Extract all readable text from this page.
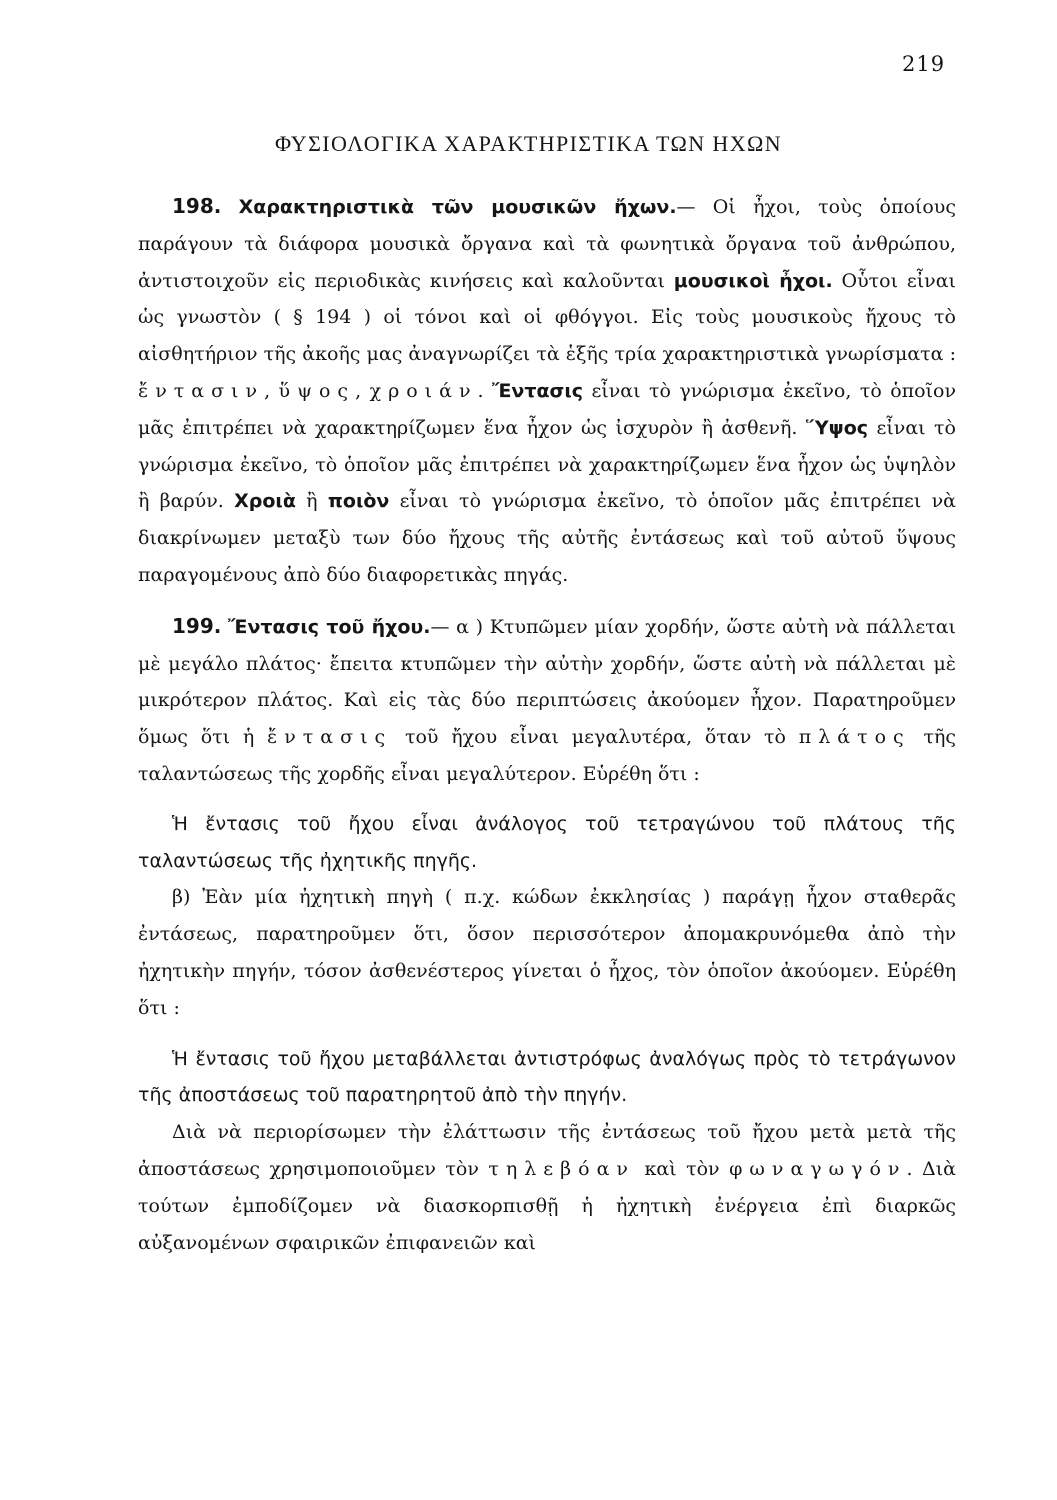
219
ΦΥΣΙΟΛΟΓΙΚΑ ΧΑΡΑΚΤΗΡΙΣΤΙΚΑ ΤΩΝ ΗΧΩΝ

198. Χαρακτηριστικὰ τῶν μουσικῶν ἤχων.— Οἱ ἦχοι, τοὺς ὁποίους παράγουν τὰ διάφορα μουσικὰ ὄργανα καὶ τὰ φωνητικὰ ὄργανα τοῦ ἀνθρώπου, ἀντιστοιχοῦν εἰς περιοδικὰς κινήσεις καὶ καλοῦνται μουσικοὶ ἦχοι. Οὗτοι εἶναι ὡς γνωστὸν ( § 194 ) οἱ τόνοι καὶ οἱ φθόγγοι. Εἰς τοὺς μουσικοὺς ἤχους τὸ αἰσθητήριον τῆς ἀκοῆς μας ἀναγνωρίζει τὰ ἑξῆς τρία χαρακτηριστικὰ γνωρίσματα : ἔντασιν, ὕψος, χροιάν. Ἔντασις εἶναι τὸ γνώρισμα ἐκεῖνο, τὸ ὁποῖον μᾶς ἐπιτρέπει νὰ χαρακτηρίζωμεν ἕνα ἦχον ὡς ἰσχυρὸν ἢ ἀσθενῆ. Ὕψος εἶναι τὸ γνώρισμα ἐκεῖνο, τὸ ὁποῖον μᾶς ἐπιτρέπει νὰ χαρακτηρίζωμεν ἕνα ἦχον ὡς ὑψηλὸν ἢ βαρύν. Χροιὰ ἢ ποιὸν εἶναι τὸ γνώρισμα ἐκεῖνο, τὸ ὁποῖον μᾶς ἐπιτρέπει νὰ διακρίνωμεν μεταξὺ των δύο ἤχους τῆς αὐτῆς ἐντάσεως καὶ τοῦ αὐτοῦ ὕψους παραγομένους ἀπὸ δύο διαφορετικὰς πηγάς.

199. Ἔντασις τοῦ ἤχου.— α ) Κτυπῶμεν μίαν χορδήν, ὥστε αὐτὴ νὰ πάλλεται μὲ μεγάλο πλάτος· ἔπειτα κτυπῶμεν τὴν αὐτὴν χορδήν, ὥστε αὐτὴ νὰ πάλλεται μὲ μικρότερον πλάτος. Καὶ εἰς τὰς δύο περιπτώσεις ἀκούομεν ἦχον. Παρατηροῦμεν ὅμως ὅτι ἡ ἔντασις τοῦ ἤχου εἶναι μεγαλυτέρα, ὅταν τὸ πλάτος τῆς ταλαντώσεως τῆς χορδῆς εἶναι μεγαλύτερον. Εὑρέθη ὅτι :

Ἡ ἔντασις τοῦ ἤχου εἶναι ἀνάλογος τοῦ τετραγώνου τοῦ πλάτους τῆς ταλαντώσεως τῆς ἠχητικῆς πηγῆς.

β) Ἐὰν μία ἠχητικὴ πηγὴ ( π.χ. κώδων ἐκκλησίας ) παράγῃ ἦχον σταθερᾶς ἐντάσεως, παρατηροῦμεν ὅτι, ὅσον περισσότερον ἀπομακρυνόμεθα ἀπὸ τὴν ἠχητικὴν πηγήν, τόσον ἀσθενέστερος γίνεται ὁ ἦχος, τὸν ὁποῖον ἀκούομεν. Εὑρέθη ὅτι :

Ἡ ἔντασις τοῦ ἤχου μεταβάλλεται ἀντιστρόφως ἀναλόγως πρὸς τὸ τετράγωνον τῆς ἀποστάσεως τοῦ παρατηρητοῦ ἀπὸ τὴν πηγήν.

Διὰ νὰ περιορίσωμεν τὴν ἐλάττωσιν τῆς ἐντάσεως τοῦ ἤχου μετὰ μετὰ τῆς ἀποστάσεως χρησιμοποιοῦμεν τὸν τηλεβόαν καὶ τὸν φωναγωγόν. Διὰ τούτων ἐμποδίζομεν νὰ διασκορπισθῇ ἡ ἠχητικὴ ἐνέργεια ἐπὶ διαρκῶς αὐξανομένων σφαιρικῶν ἐπιφανειῶν καὶ
